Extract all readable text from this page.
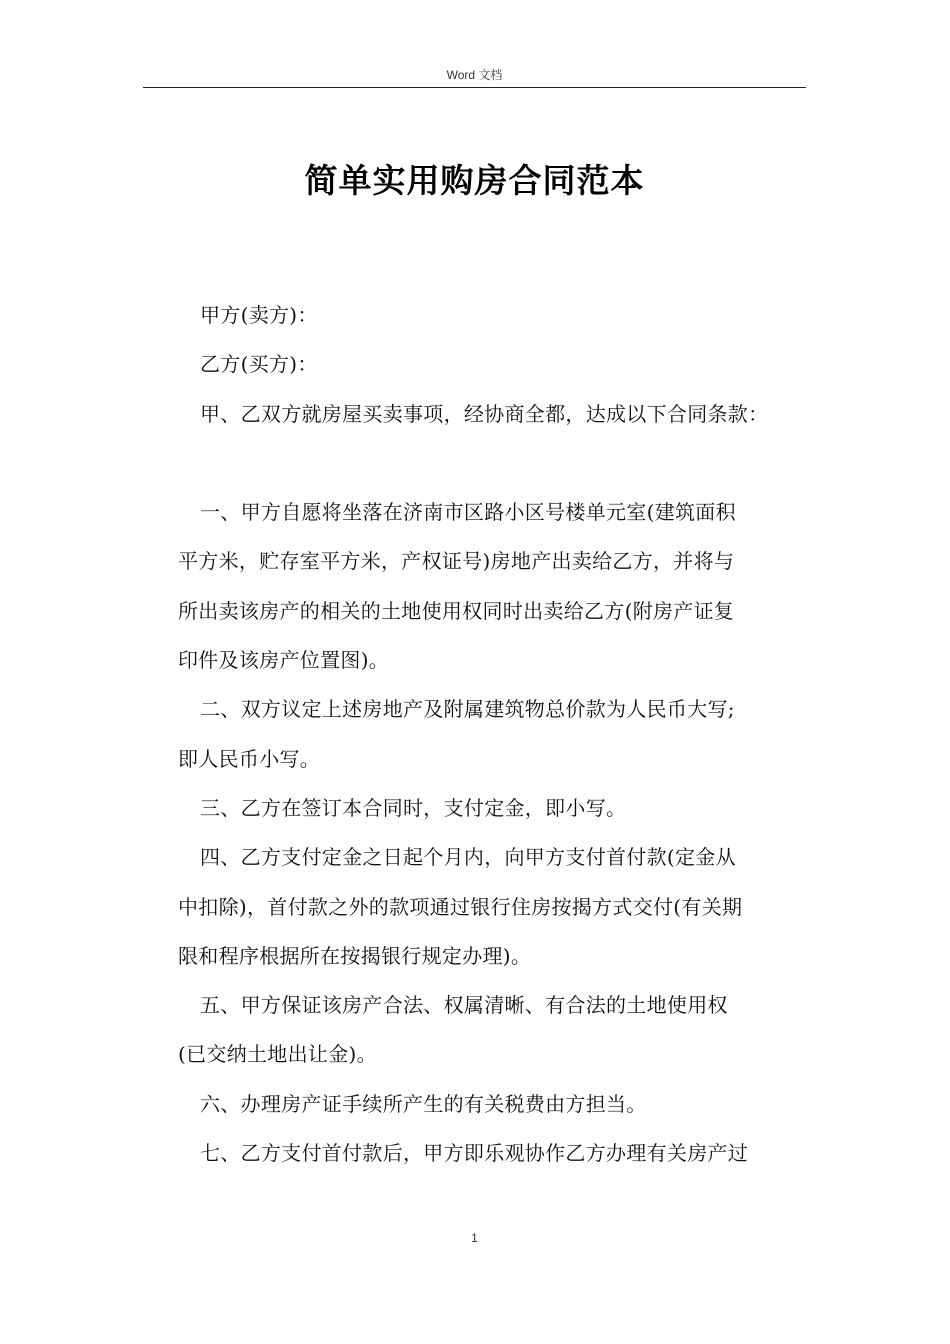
Word 文档
简单实用购房合同范本

甲方(卖方)：

乙方(买方)：

甲、乙双方就房屋买卖事项，经协商全都，达成以下合同条款：

一、甲方自愿将坐落在济南市区路小区号楼单元室(建筑面积
平方米，贮存室平方米，产权证号)房地产出卖给乙方，并将与
所出卖该房产的相关的土地使用权同时出卖给乙方(附房产证复
印件及该房产位置图)。

二、双方议定上述房地产及附属建筑物总价款为人民币大写;
即人民币小写。

三、乙方在签订本合同时，支付定金，即小写。

四、乙方支付定金之日起个月内，向甲方支付首付款(定金从
中扣除)，首付款之外的款项通过银行住房按揭方式交付(有关期
限和程序根据所在按揭银行规定办理)。

五、甲方保证该房产合法、权属清晰、有合法的土地使用权
(已交纳土地出让金)。

六、办理房产证手续所产生的有关税费由方担当。

七、乙方支付首付款后，甲方即乐观协作乙方办理有关房产过

1
